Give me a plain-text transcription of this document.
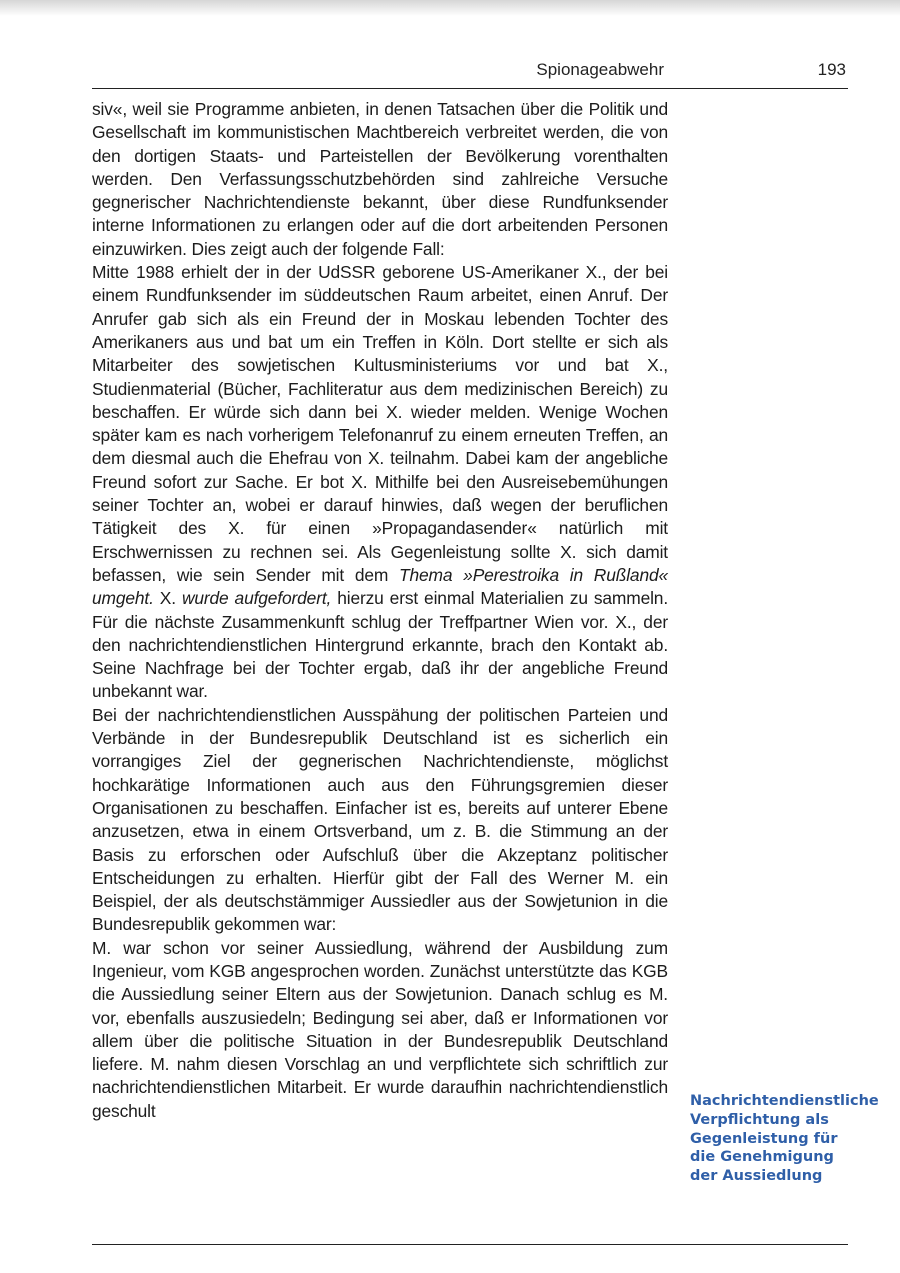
Spionageabwehr	193

siv«, weil sie Programme anbieten, in denen Tatsachen über die Politik und Gesellschaft im kommunistischen Machtbereich verbreitet werden, die von den dortigen Staats- und Parteistellen der Bevölkerung vorenthalten werden. Den Verfassungsschutzbehörden sind zahlreiche Versuche gegnerischer Nachrichtendienste bekannt, über diese Rundfunksender interne Informationen zu erlangen oder auf die dort arbeitenden Personen einzuwirken. Dies zeigt auch der folgende Fall:

Mitte 1988 erhielt der in der UdSSR geborene US-Amerikaner X., der bei einem Rundfunksender im süddeutschen Raum arbeitet, einen Anruf. Der Anrufer gab sich als ein Freund der in Moskau lebenden Tochter des Amerikaners aus und bat um ein Treffen in Köln. Dort stellte er sich als Mitarbeiter des sowjetischen Kultusministeriums vor und bat X., Studienmaterial (Bücher, Fachliteratur aus dem medizinischen Bereich) zu beschaffen. Er würde sich dann bei X. wieder melden. Wenige Wochen später kam es nach vorherigem Telefonanruf zu einem erneuten Treffen, an dem diesmal auch die Ehefrau von X. teilnahm. Dabei kam der angebliche Freund sofort zur Sache. Er bot X. Mithilfe bei den Ausreisebemühungen seiner Tochter an, wobei er darauf hinwies, daß wegen der beruflichen Tätigkeit des X. für einen »Propagandasender« natürlich mit Erschwernissen zu rechnen sei. Als Gegenleistung sollte X. sich damit befassen, wie sein Sender mit dem Thema »Perestroika in Rußland« umgeht. X. wurde aufgefordert, hierzu erst einmal Materialien zu sammeln. Für die nächste Zusammenkunft schlug der Treffpartner Wien vor. X., der den nachrichtendienstlichen Hintergrund erkannte, brach den Kontakt ab. Seine Nachfrage bei der Tochter ergab, daß ihr der angebliche Freund unbekannt war.

Bei der nachrichtendienstlichen Ausspähung der politischen Parteien und Verbände in der Bundesrepublik Deutschland ist es sicherlich ein vorrangiges Ziel der gegnerischen Nachrichtendienste, möglichst hochkarätige Informationen auch aus den Führungsgremien dieser Organisationen zu beschaffen. Einfacher ist es, bereits auf unterer Ebene anzusetzen, etwa in einem Ortsverband, um z. B. die Stimmung an der Basis zu erforschen oder Aufschluß über die Akzeptanz politischer Entscheidungen zu erhalten. Hierfür gibt der Fall des Werner M. ein Beispiel, der als deutschstämmiger Aussiedler aus der Sowjetunion in die Bundesrepublik gekommen war:

M. war schon vor seiner Aussiedlung, während der Ausbildung zum Ingenieur, vom KGB angesprochen worden. Zunächst unterstützte das KGB die Aussiedlung seiner Eltern aus der Sowjetunion. Danach schlug es M. vor, ebenfalls auszusiedeln; Bedingung sei aber, daß er Informationen vor allem über die politische Situation in der Bundesrepublik Deutschland liefere. M. nahm diesen Vorschlag an und verpflichtete sich schriftlich zur nachrichtendienstlichen Mitarbeit. Er wurde daraufhin nachrichtendienstlich geschult	Nachrichtendienstliche Verpflichtung als Gegenleistung für die Genehmigung der Aussiedlung
